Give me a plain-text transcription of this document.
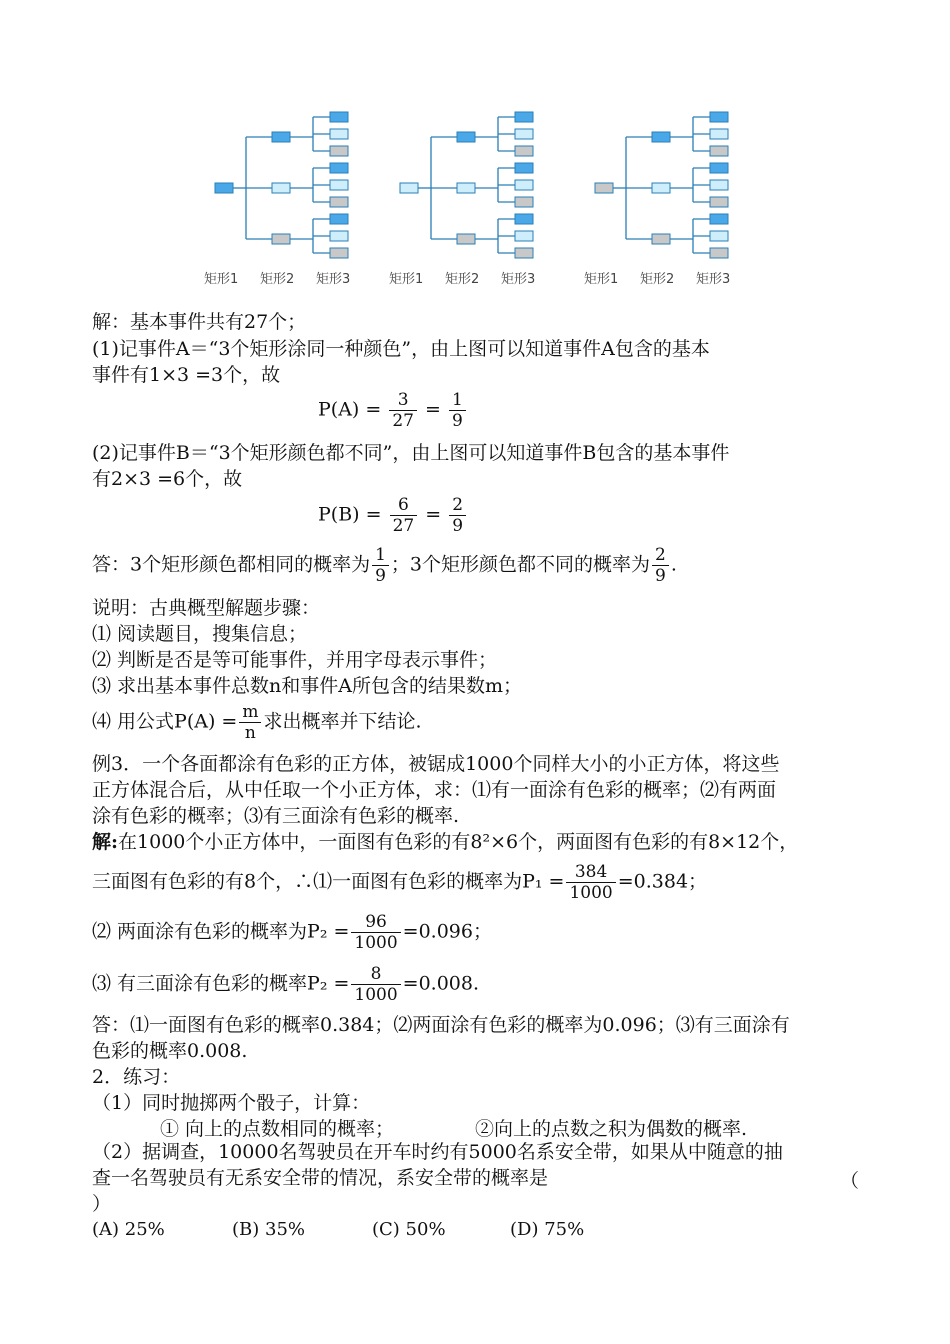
矩形1 矩形2 矩形3	矩形1 矩形2 矩形3	矩形1 矩形2 矩形3
解：基本事件共有27个；
(1)记事件A＝“3个矩形涂同一种颜色”，由上图可以知道事件A包含的基本
事件有1×3 =3个，故
$P(A) = \frac{3}{27} = \frac{1}{9}$
(2)记事件B＝“3个矩形颜色都不同”，由上图可以知道事件B包含的基本事件
有2×3 =6个，故
$P(B) = \frac{6}{27} = \frac{2}{9}$
答：3个矩形颜色都相同的概率为 $\frac{1}{9}$ ；3个矩形颜色都不同的概率为 $\frac{2}{9}$ .
说明：古典概型解题步骤：
⑴ 阅读题目，搜集信息；
⑵ 判断是否是等可能事件，并用字母表示事件；
⑶ 求出基本事件总数n和事件A所包含的结果数m；
⑷ 用公式$P(A) = \frac{m}{n}$ 求出概率并下结论.
例3．一个各面都涂有色彩的正方体，被锯成1000个同样大小的小正方体，将这些
正方体混合后，从中任取一个小正方体，求：⑴有一面涂有色彩的概率；⑵有两面
涂有色彩的概率；⑶有三面涂有色彩的概率.
解:在1000个小正方体中，一面图有色彩的有8²×6个，两面图有色彩的有8×12个，
三面图有色彩的有8个，∴⑴一面图有色彩的概率为$P_1 = \frac{384}{1000} =0.384$；
⑵ 两面涂有色彩的概率为$P_2 = \frac{96}{1000} =0.096$；
⑶ 有三面涂有色彩的概率$P_2 = \frac{8}{1000} =0.008$.
答：⑴一面图有色彩的概率0.384；⑵两面涂有色彩的概率为0.096；⑶有三面涂有
色彩的概率0.008.
2．练习：
（1）同时抛掷两个骰子，计算：
① 向上的点数相同的概率；	②向上的点数之积为偶数的概率.
（2）据调查，10000名驾驶员在开车时约有5000名系安全带，如果从中随意的抽
查一名驾驶员有无系安全带的情况，系安全带的概率是	（
）
(A) 25%	(B) 35%	(C) 50%	(D) 75%
